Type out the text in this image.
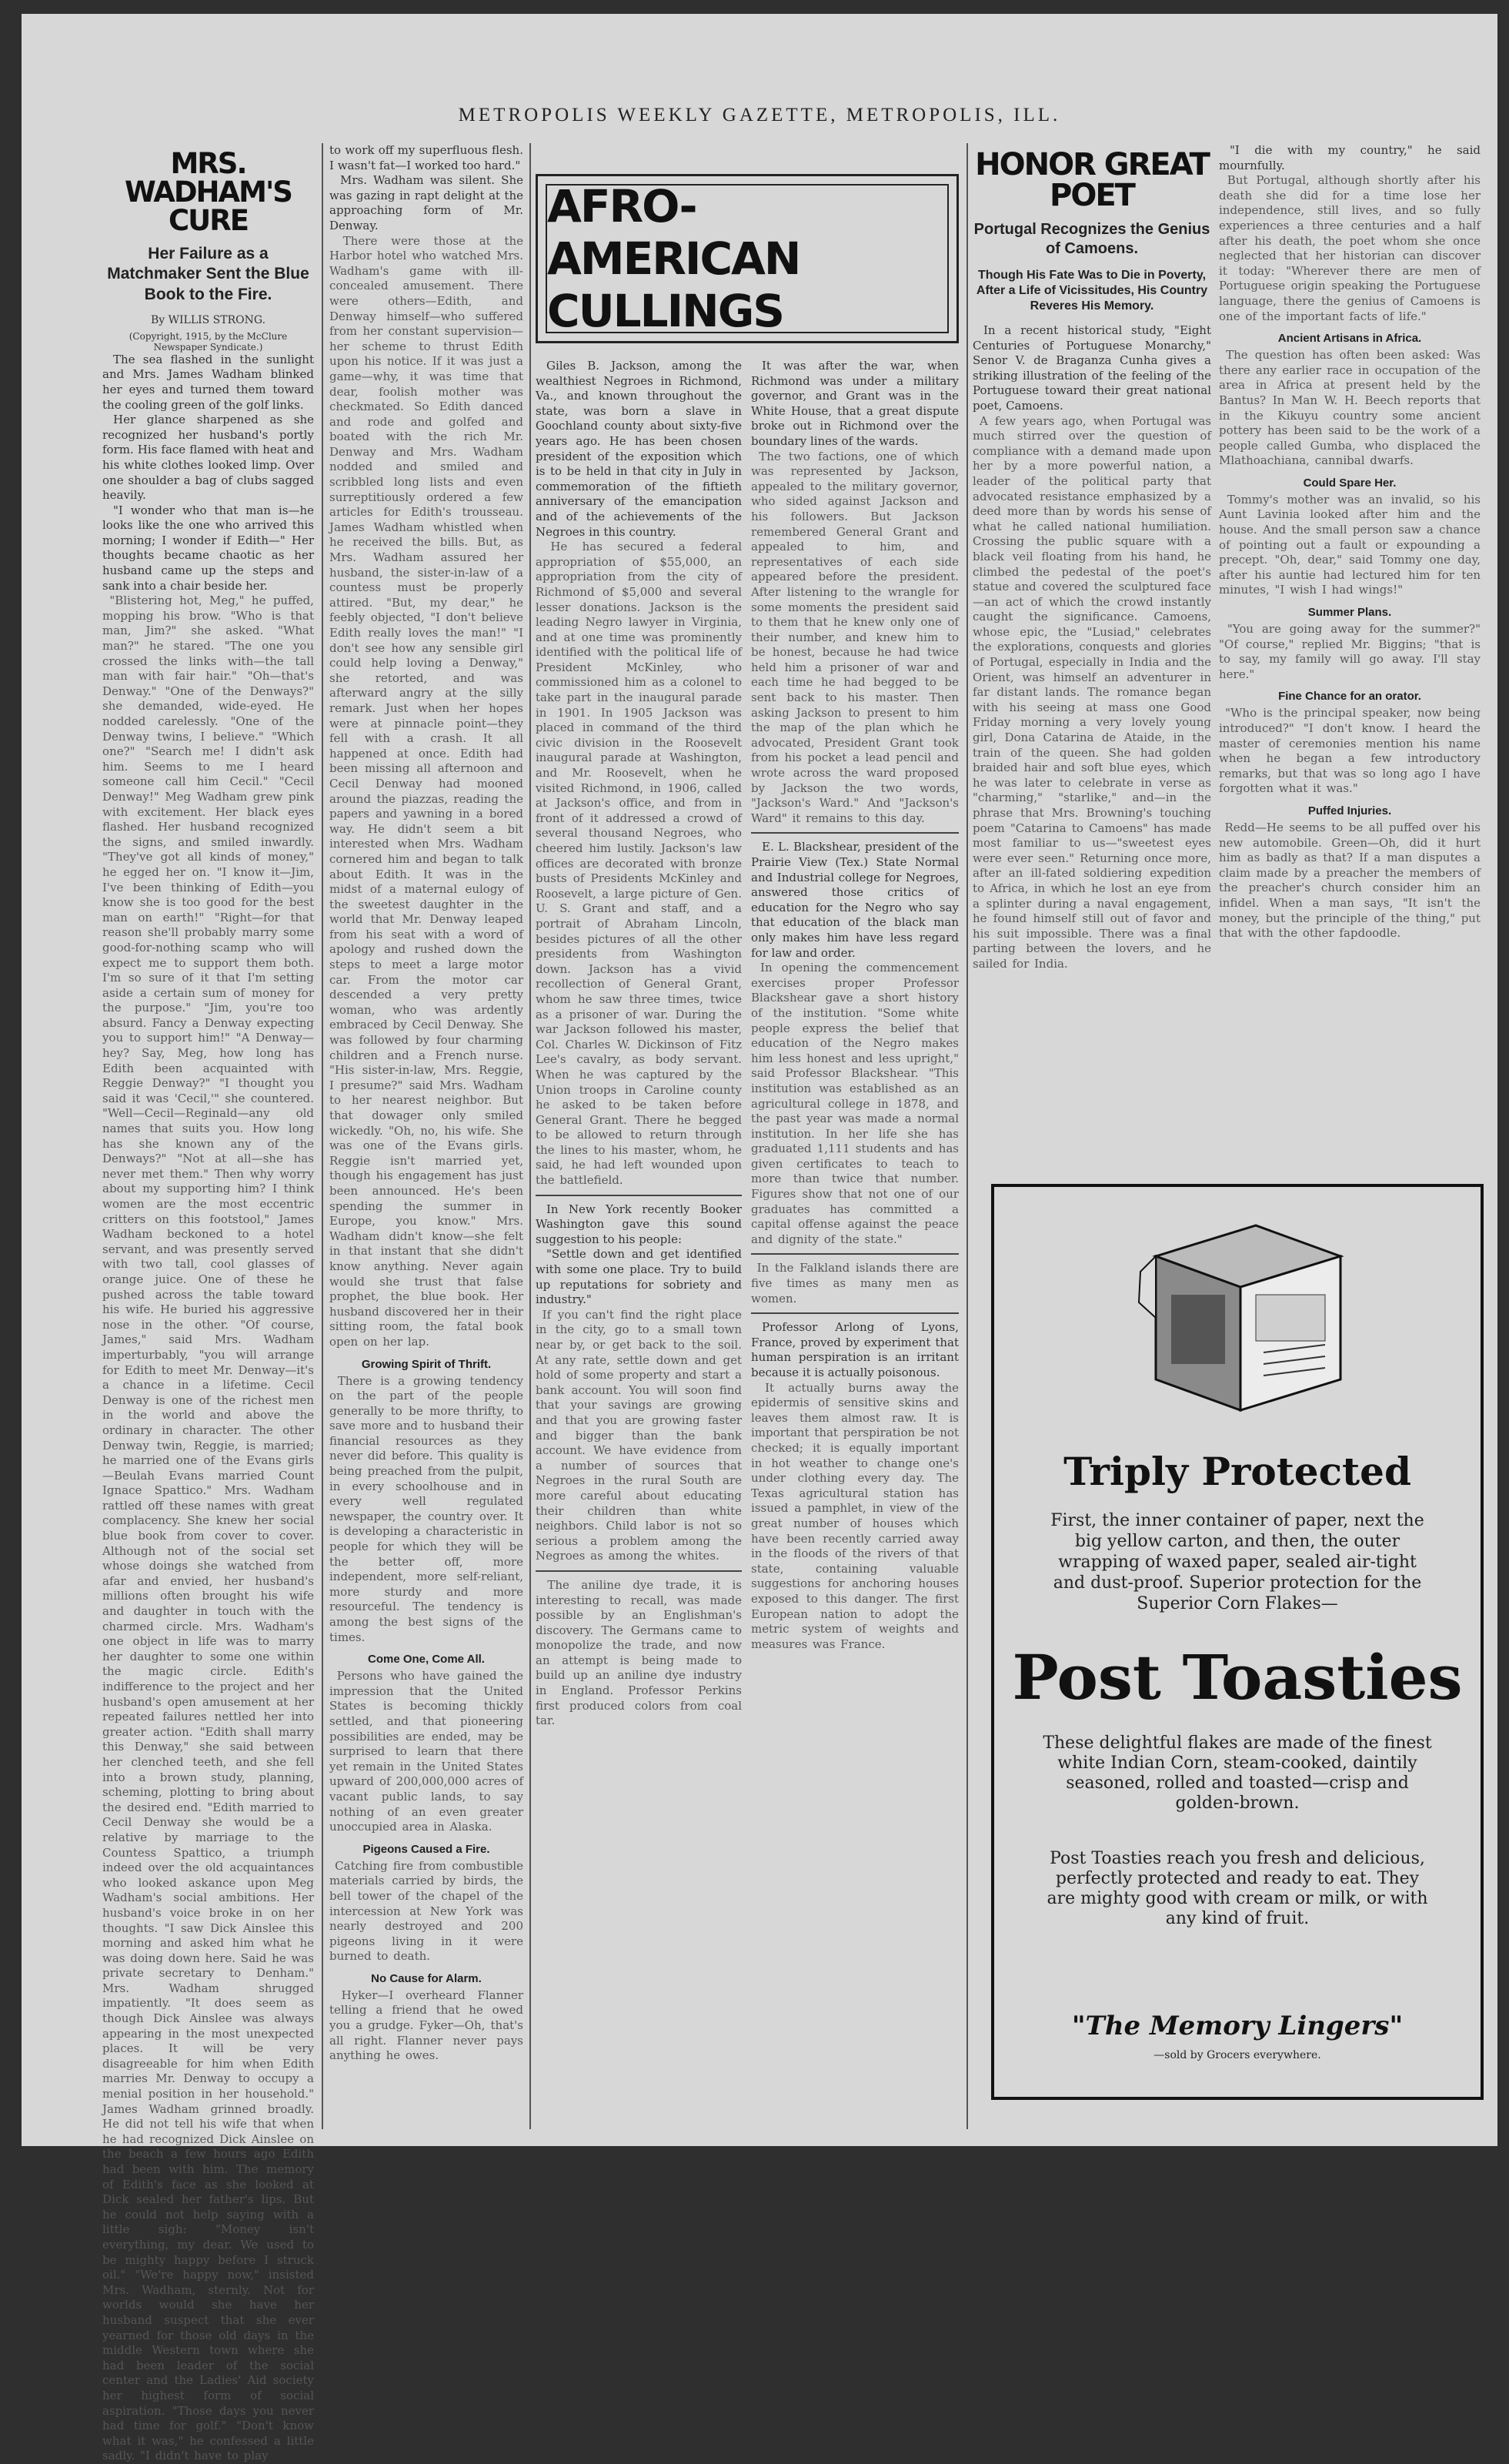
METROPOLIS WEEKLY GAZETTE, METROPOLIS, ILL.
MRS. WADHAM'S CURE
Her Failure as a Matchmaker Sent the Blue Book to the Fire.
By WILLIS STRONG.
(Copyright, 1915, by the McClure Newspaper Syndicate.)

The sea flashed in the sunlight and Mrs. James Wadham blinked her eyes and turned them toward the cooling green of the golf links.

Her glance sharpened as she recognized her husband's portly form. His face flamed with heat and his white clothes looked limp. Over one shoulder a bag of clubs sagged heavily.

"I wonder who that man is—he looks like the one who arrived this morning; I wonder if Edith—" Her thoughts became chaotic as her husband came up the steps and sank into a chair beside her.

"Blistering hot, Meg," he puffed, mopping his brow. "Who is that man, Jim?" she asked. "What man?" he stared. "The one you crossed the links with—the tall man with fair hair." "Oh—that's Denway." "One of the Denways?" she demanded, wide-eyed. He nodded carelessly. "One of the Denway twins, I believe." "Which one?" "Search me! I didn't ask him. Seems to me I heard someone call him Cecil." "Cecil Denway!" Meg Wadham grew pink with excitement. Her black eyes flashed. Her husband recognized the signs, and smiled inwardly. "They've got all kinds of money," he egged her on. "I know it—Jim, I've been thinking of Edith—you know she is too good for the best man on earth!" "Right—for that reason she'll probably marry some good-for-nothing scamp who will expect me to support them both. I'm so sure of it that I'm setting aside a certain sum of money for the purpose." "Jim, you're too absurd. Fancy a Denway expecting you to support him!" "A Denway—hey? Say, Meg, how long has Edith been acquainted with Reggie Denway?" "I thought you said it was 'Cecil,'" she countered. "Well—Cecil—Reginald—any old names that suits you. How long has she known any of the Denways?" "Not at all—she has never met them." Then why worry about my supporting him? I think women are the most eccentric critters on this footstool," James Wadham beckoned to a hotel servant, and was presently served with two tall, cool glasses of orange juice. One of these he pushed across the table toward his wife. He buried his aggressive nose in the other. "Of course, James," said Mrs. Wadham imperturbably, "you will arrange for Edith to meet Mr. Denway—it's a chance in a lifetime. Cecil Denway is one of the richest men in the world and above the ordinary in character. The other Denway twin, Reggie, is married; he married one of the Evans girls—Beulah Evans married Count Ignace Spattico." Mrs. Wadham rattled off these names with great complacency. She knew her social blue book from cover to cover. Although not of the social set whose doings she watched from afar and envied, her husband's millions often brought his wife and daughter in touch with the charmed circle. Mrs. Wadham's one object in life was to marry her daughter to some one within the magic circle. Edith's indifference to the project and her husband's open amusement at her repeated failures nettled her into greater action. "Edith shall marry this Denway," she said between her clenched teeth, and she fell into a brown study, planning, scheming, plotting to bring about the desired end. "Edith married to Cecil Denway she would be a relative by marriage to the Countess Spattico, a triumph indeed over the old acquaintances who looked askance upon Meg Wadham's social ambitions. Her husband's voice broke in on her thoughts. "I saw Dick Ainslee this morning and asked him what he was doing down here. Said he was private secretary to Denham." Mrs. Wadham shrugged impatiently. "It does seem as though Dick Ainslee was always appearing in the most unexpected places. It will be very disagreeable for him when Edith marries Mr. Denway to occupy a menial position in her household." James Wadham grinned broadly. He did not tell his wife that when he had recognized Dick Ainslee on the beach a few hours ago Edith had been with him. The memory of Edith's face as she looked at Dick sealed her father's lips. But he could not help saying with a little sigh: "Money isn't everything, my dear. We used to be mighty happy before I struck oil." "We're happy now," insisted Mrs. Wadham, sternly. Not for worlds would she have her husband suspect that she ever yearned for those old days in the middle Western town where she had been leader of the social center and the Ladies' Aid society her highest form of social aspiration. "Those days you never had time for golf." "Don't know what it was," he confessed a little sadly. "I didn't have to play

to work off my superfluous flesh. I wasn't fat—I worked too hard."

Mrs. Wadham was silent. She was gazing in rapt delight at the approaching form of Mr. Denway.

There were those at the Harbor hotel who watched Mrs. Wadham's game with ill-concealed amusement. There were others—Edith, and Denway himself—who suffered from her constant supervision—her scheme to thrust Edith upon his notice. If it was just a game—why, it was time that dear, foolish mother was checkmated. So Edith danced and rode and golfed and boated with the rich Mr. Denway and Mrs. Wadham nodded and smiled and scribbled long lists and even surreptitiously ordered a few articles for Edith's trousseau. James Wadham whistled when he received the bills. But, as Mrs. Wadham assured her husband, the sister-in-law of a countess must be properly attired. "But, my dear," he feebly objected, "I don't believe Edith really loves the man!" "I don't see how any sensible girl could help loving a Denway," she retorted, and was afterward angry at the silly remark. Just when her hopes were at pinnacle point—they fell with a crash. It all happened at once. Edith had been missing all afternoon and Cecil Denway had mooned around the piazzas, reading the papers and yawning in a bored way. He didn't seem a bit interested when Mrs. Wadham cornered him and began to talk about Edith. It was in the midst of a maternal eulogy of the sweetest daughter in the world that Mr. Denway leaped from his seat with a word of apology and rushed down the steps to meet a large motor car. From the motor car descended a very pretty woman, who was ardently embraced by Cecil Denway. She was followed by four charming children and a French nurse. "His sister-in-law, Mrs. Reggie, I presume?" said Mrs. Wadham to her nearest neighbor. But that dowager only smiled wickedly. "Oh, no, his wife. She was one of the Evans girls. Reggie isn't married yet, though his engagement has just been announced. He's been spending the summer in Europe, you know." Mrs. Wadham didn't know—she felt in that instant that she didn't know anything. Never again would she trust that false prophet, the blue book. Her husband discovered her in their sitting room, the fatal book open on her lap.
Growing Spirit of Thrift.
There is a growing tendency on the part of the people generally to be more thrifty, to save more and to husband their financial resources as they never did before. This quality is being preached from the pulpit, in every schoolhouse and in every well regulated newspaper, the country over. It is developing a characteristic in people for which they will be the better off, more independent, more self-reliant, more sturdy and more resourceful. The tendency is among the best signs of the times.
Come One, Come All.
Persons who have gained the impression that the United States is becoming thickly settled, and that pioneering possibilities are ended, may be surprised to learn that there yet remain in the United States upward of 200,000,000 acres of vacant public lands, to say nothing of an even greater unoccupied area in Alaska.
Pigeons Caused a Fire.
Catching fire from combustible materials carried by birds, the bell tower of the chapel of the intercession at New York was nearly destroyed and 200 pigeons living in it were burned to death.
No Cause for Alarm.
Hyker—I overheard Flanner telling a friend that he owed you a grudge. Fyker—Oh, that's all right. Flanner never pays anything he owes.
AFRO-AMERICAN CULLINGS

Giles B. Jackson, among the wealthiest Negroes in Richmond, Va., and known throughout the state, was born a slave in Goochland county about sixty-five years ago. He has been chosen president of the exposition which is to be held in that city in July in commemoration of the fiftieth anniversary of the emancipation and of the achievements of the Negroes in this country.

He has secured a federal appropriation of $55,000, an appropriation from the city of Richmond of $5,000 and several lesser donations. Jackson is the leading Negro lawyer in Virginia, and at one time was prominently identified with the political life of President McKinley, who commissioned him as a colonel to take part in the inaugural parade in 1901. In 1905 Jackson was placed in command of the third civic division in the Roosevelt inaugural parade at Washington, and Mr. Roosevelt, when he visited Richmond, in 1906, called at Jackson's office, and from in front of it addressed a crowd of several thousand Negroes, who cheered him lustily. Jackson's law offices are decorated with bronze busts of Presidents McKinley and Roosevelt, a large picture of Gen. U. S. Grant and staff, and a portrait of Abraham Lincoln, besides pictures of all the other presidents from Washington down. Jackson has a vivid recollection of General Grant, whom he saw three times, twice as a prisoner of war. During the war Jackson followed his master, Col. Charles W. Dickinson of Fitz Lee's cavalry, as body servant. When he was captured by the Union troops in Caroline county he asked to be taken before General Grant. There he begged to be allowed to return through the lines to his master, whom, he said, he had left wounded upon the battlefield.

In New York recently Booker Washington gave this sound suggestion to his people:

"Settle down and get identified with some one place. Try to build up reputations for sobriety and industry."

If you can't find the right place in the city, go to a small town near by, or get back to the soil. At any rate, settle down and get hold of some property and start a bank account. You will soon find that your savings are growing and that you are growing faster and bigger than the bank account. We have evidence from a number of sources that Negroes in the rural South are more careful about educating their children than white neighbors. Child labor is not so serious a problem among the Negroes as among the whites.
The aniline dye trade, it is interesting to recall, was made possible by an Englishman's discovery. The Germans came to monopolize the trade, and now an attempt is being made to build up an aniline dye industry in England. Professor Perkins first produced colors from coal tar.

It was after the war, when Richmond was under a military governor, and Grant was in the White House, that a great dispute broke out in Richmond over the boundary lines of the wards.

The two factions, one of which was represented by Jackson, appealed to the military governor, who sided against Jackson and his followers. But Jackson remembered General Grant and appealed to him, and representatives of each side appeared before the president. After listening to the wrangle for some moments the president said to them that he knew only one of their number, and knew him to be honest, because he had twice held him a prisoner of war and each time he had begged to be sent back to his master. Then asking Jackson to present to him the map of the plan which he advocated, President Grant took from his pocket a lead pencil and wrote across the ward proposed by Jackson the two words, "Jackson's Ward." And "Jackson's Ward" it remains to this day.

E. L. Blackshear, president of the Prairie View (Tex.) State Normal and Industrial college for Negroes, answered those critics of education for the Negro who say that education of the black man only makes him have less regard for law and order.

In opening the commencement exercises proper Professor Blackshear gave a short history of the institution. "Some white people express the belief that education of the Negro makes him less honest and less upright," said Professor Blackshear. "This institution was established as an agricultural college in 1878, and the past year was made a normal institution. In her life she has graduated 1,111 students and has given certificates to teach to more than twice that number. Figures show that not one of our graduates has committed a capital offense against the peace and dignity of the state."
In the Falkland islands there are five times as many men as women.

Professor Arlong of Lyons, France, proved by experiment that human perspiration is an irritant because it is actually poisonous.

It actually burns away the epidermis of sensitive skins and leaves them almost raw. It is important that perspiration be not checked; it is equally important in hot weather to change one's under clothing every day. The Texas agricultural station has issued a pamphlet, in view of the great number of houses which have been recently carried away in the floods of the rivers of that state, containing valuable suggestions for anchoring houses exposed to this danger. The first European nation to adopt the metric system of weights and measures was France.
HONOR GREAT POET
Portugal Recognizes the Genius of Camoens.
Though His Fate Was to Die in Poverty, After a Life of Vicissitudes, His Country Reveres His Memory.

In a recent historical study, "Eight Centuries of Portuguese Monarchy," Senor V. de Braganza Cunha gives a striking illustration of the feeling of the Portuguese toward their great national poet, Camoens.

A few years ago, when Portugal was much stirred over the question of compliance with a demand made upon her by a more powerful nation, a leader of the political party that advocated resistance emphasized by a deed more than by words his sense of what he called national humiliation. Crossing the public square with a black veil floating from his hand, he climbed the pedestal of the poet's statue and covered the sculptured face—an act of which the crowd instantly caught the significance. Camoens, whose epic, the "Lusiad," celebrates the explorations, conquests and glories of Portugal, especially in India and the Orient, was himself an adventurer in far distant lands. The romance began with his seeing at mass one Good Friday morning a very lovely young girl, Dona Catarina de Ataide, in the train of the queen. She had golden braided hair and soft blue eyes, which he was later to celebrate in verse as "charming," "starlike," and—in the phrase that Mrs. Browning's touching poem "Catarina to Camoens" has made most familiar to us—"sweetest eyes were ever seen." Returning once more, after an ill-fated soldiering expedition to Africa, in which he lost an eye from a splinter during a naval engagement, he found himself still out of favor and his suit impossible. There was a final parting between the lovers, and he sailed for India.

"I die with my country," he said mournfully.

But Portugal, although shortly after his death she did for a time lose her independence, still lives, and so fully experiences a three centuries and a half after his death, the poet whom she once neglected that her historian can discover it today: "Wherever there are men of Portuguese origin speaking the Portuguese language, there the genius of Camoens is one of the important facts of life."
Ancient Artisans in Africa.
The question has often been asked: Was there any earlier race in occupation of the area in Africa at present held by the Bantus? In Man W. H. Beech reports that in the Kikuyu country some ancient pottery has been said to be the work of a people called Gumba, who displaced the Mlathoachiana, cannibal dwarfs.
Could Spare Her.
Tommy's mother was an invalid, so his Aunt Lavinia looked after him and the house. And the small person saw a chance of pointing out a fault or expounding a precept. "Oh, dear," said Tommy one day, after his auntie had lectured him for ten minutes, "I wish I had wings!"
Summer Plans.
"You are going away for the summer?" "Of course," replied Mr. Biggins; "that is to say, my family will go away. I'll stay here."
Fine Chance for an orator.
"Who is the principal speaker, now being introduced?" "I don't know. I heard the master of ceremonies mention his name when he began a few introductory remarks, but that was so long ago I have forgotten what it was."
Puffed Injuries.
Redd—He seems to be all puffed over his new automobile. Green—Oh, did it hurt him as badly as that? If a man disputes a claim made by a preacher the members of the preacher's church consider him an infidel. When a man says, "It isn't the money, but the principle of the thing," put that with the other fapdoodle.
Triply Protected
First, the inner container of paper, next the big yellow carton, and then, the outer wrapping of waxed paper, sealed air-tight and dust-proof. Superior protection for the Superior Corn Flakes—
Post Toasties
These delightful flakes are made of the finest white Indian Corn, steam-cooked, daintily seasoned, rolled and toasted—crisp and golden-brown.
Post Toasties reach you fresh and delicious, perfectly protected and ready to eat. They are mighty good with cream or milk, or with any kind of fruit.
"The Memory Lingers"
—sold by Grocers everywhere.
